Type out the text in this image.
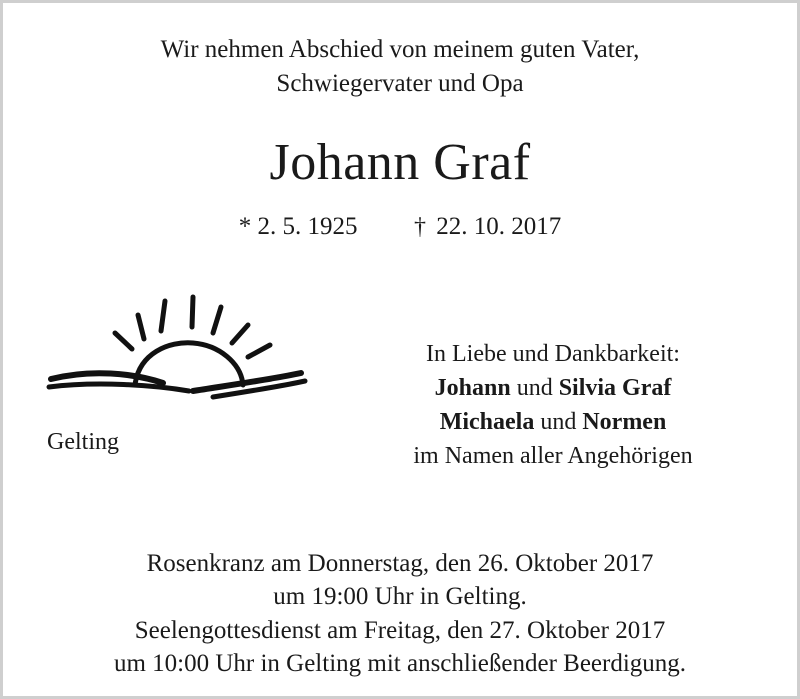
Wir nehmen Abschied von meinem guten Vater,
Schwiegervater und Opa
Johann Graf
* 2. 5. 1925 † 22. 10. 2017
Gelting
In Liebe und Dankbarkeit:
Johann und Silvia Graf
Michaela und Normen
im Namen aller Angehörigen
Rosenkranz am Donnerstag, den 26. Oktober 2017
um 19:00 Uhr in Gelting.
Seelengottesdienst am Freitag, den 27. Oktober 2017
um 10:00 Uhr in Gelting mit anschließender Beerdigung.
